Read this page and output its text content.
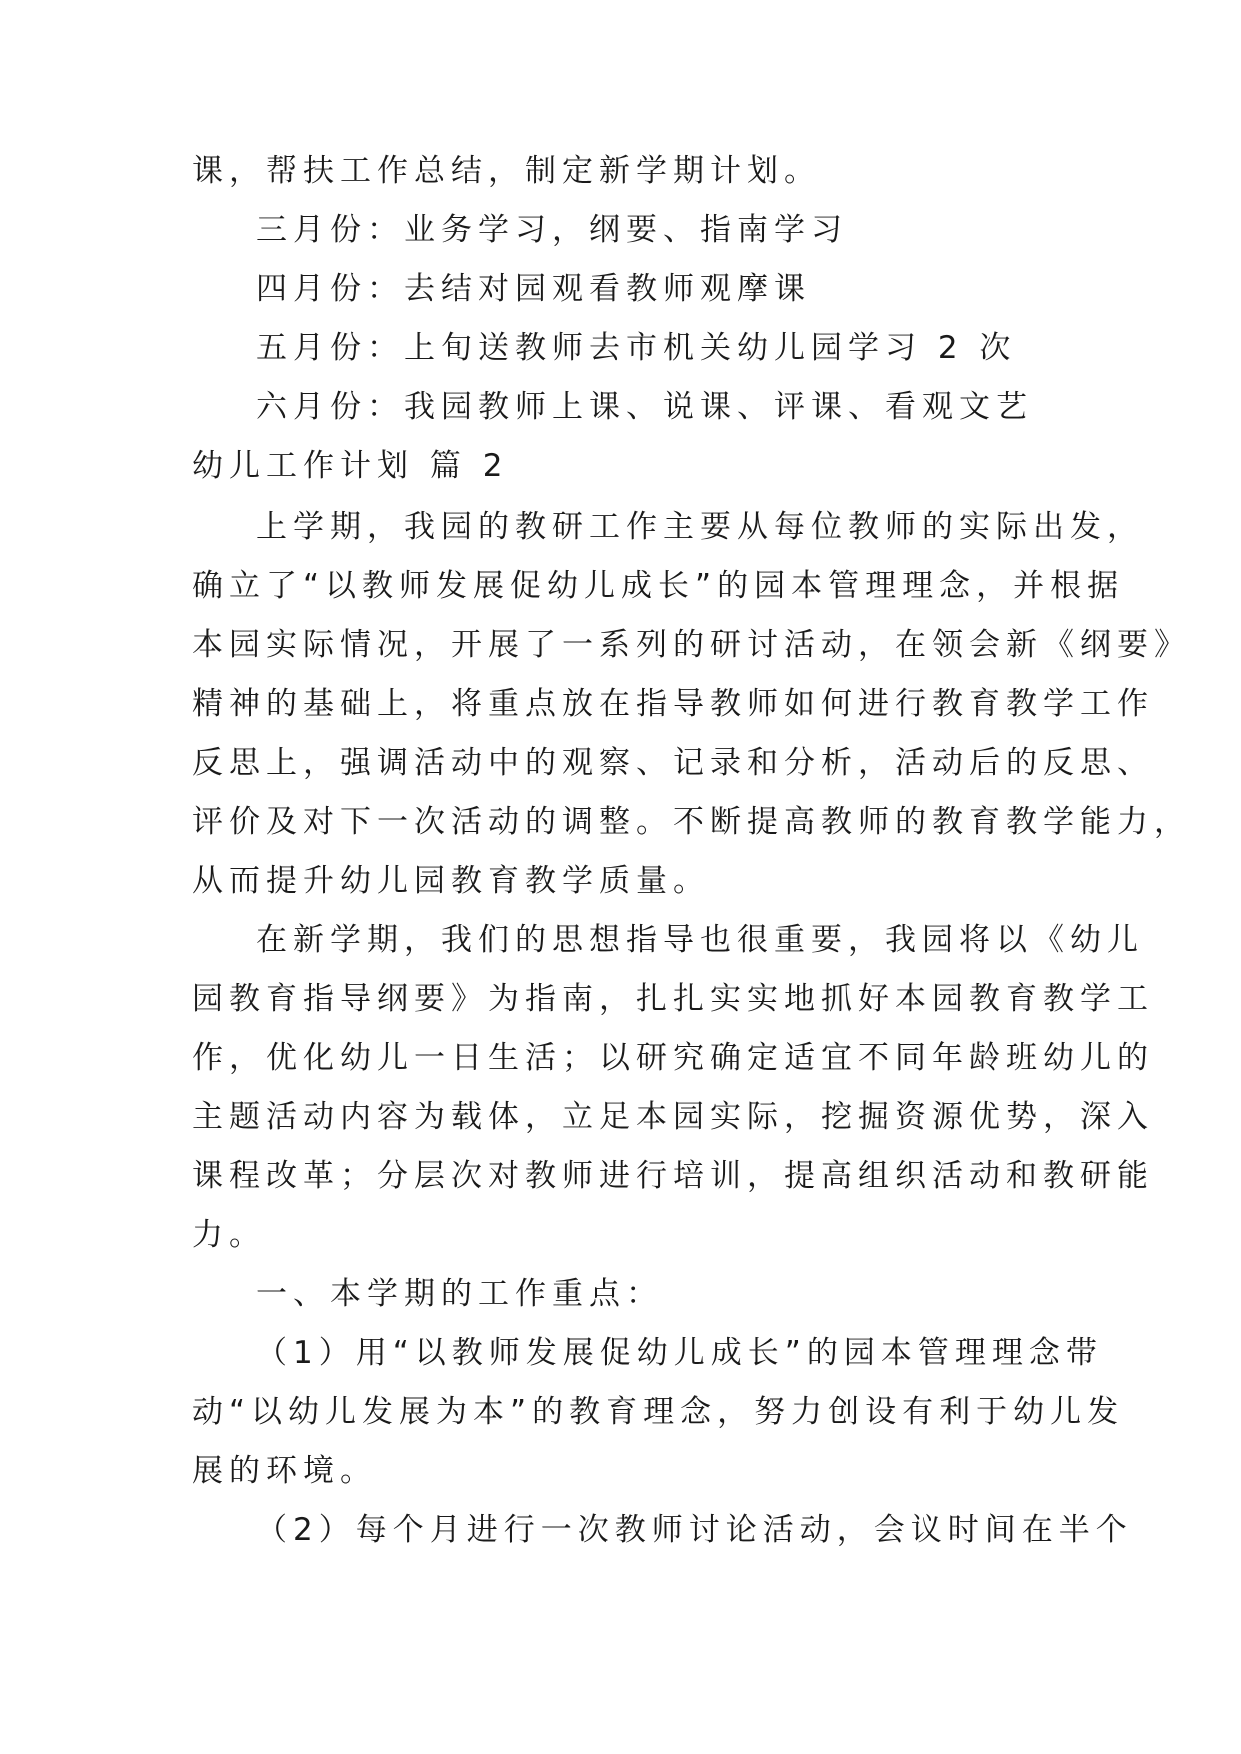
课，帮扶工作总结，制定新学期计划。
三月份：业务学习，纲要、指南学习
四月份：去结对园观看教师观摩课
五月份：上旬送教师去市机关幼儿园学习 2 次
六月份：我园教师上课、说课、评课、看观文艺
幼儿工作计划 篇 2
上学期，我园的教研工作主要从每位教师的实际出发，
确立了“以教师发展促幼儿成长”的园本管理理念，并根据
本园实际情况，开展了一系列的研讨活动，在领会新《纲要》
精神的基础上，将重点放在指导教师如何进行教育教学工作
反思上，强调活动中的观察、记录和分析，活动后的反思、
评价及对下一次活动的调整。不断提高教师的教育教学能力，
从而提升幼儿园教育教学质量。
在新学期，我们的思想指导也很重要，我园将以《幼儿
园教育指导纲要》为指南，扎扎实实地抓好本园教育教学工
作，优化幼儿一日生活；以研究确定适宜不同年龄班幼儿的
主题活动内容为载体，立足本园实际，挖掘资源优势，深入
课程改革；分层次对教师进行培训，提高组织活动和教研能
力。
一、本学期的工作重点：
（1）用“以教师发展促幼儿成长”的园本管理理念带
动“以幼儿发展为本”的教育理念，努力创设有利于幼儿发
展的环境。
（2）每个月进行一次教师讨论活动，会议时间在半个
